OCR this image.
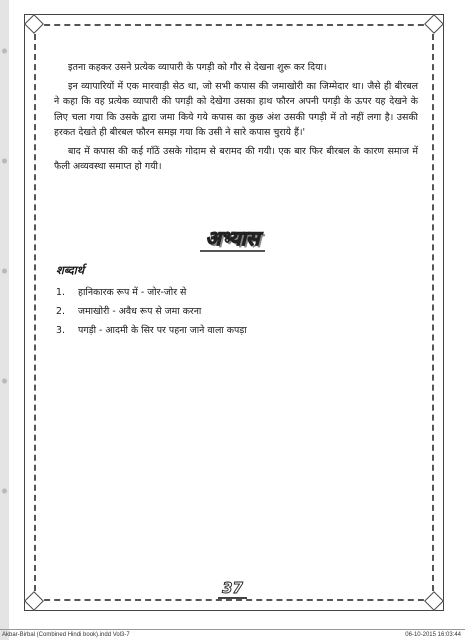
इतना कहकर उसने प्रत्येक व्यापारी के पगड़ी को गौर से देखना शुरू कर दिया।

इन व्यापारियों में एक मारवाड़ी सेठ था, जो सभी कपास की जमाखोरी का जिम्मेदार था। जैसे ही बीरबल ने कहा कि वह प्रत्येक व्यापारी की पगड़ी को देखेगा उसका हाथ फौरन अपनी पगड़ी के ऊपर यह देखने के लिए चला गया कि उसके द्वारा जमा किये गये कपास का कुछ अंश उसकी पगड़ी में तो नहीं लगा है। उसकी हरकत देखते ही बीरबल फौरन समझ गया कि उसी ने सारे कपास चुराये हैं।'

बाद में कपास की कई गाँठें उसके गोदाम से बरामद की गयी। एक बार फिर बीरबल के कारण समाज में फैली अव्यवस्था समाप्त हो गयी।

अभ्यास
शब्दार्थ
1.	हानिकारक रूप में - जोर-जोर से
2.	जमाखोरी - अवैध रूप से जमा करना
3.	पगड़ी - आदमी के सिर पर पहना जाने वाला कपड़ा
37
Akbar-Birbal (Combined Hindi book).indd Vol3-7	06-10-2015 16:03:44
